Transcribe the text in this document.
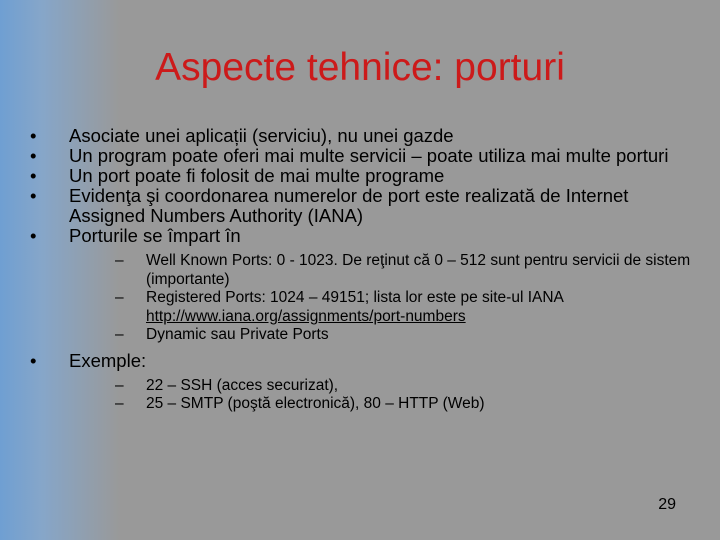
Aspecte tehnice: porturi
• Asociate unei aplicații (serviciu), nu unei gazde
• Un program poate oferi mai multe servicii – poate utiliza mai multe porturi
• Un port poate fi folosit de mai multe programe
• Evidenţa şi coordonarea numerelor de port este realizată de Internet Assigned Numbers Authority (IANA)
• Porturile se împart în
– Well Known Ports: 0 - 1023. De reţinut că 0 – 512 sunt pentru servicii de sistem (importante)
– Registered Ports: 1024 – 49151; lista lor este pe site-ul IANA http://www.iana.org/assignments/port-numbers
– Dynamic sau Private Ports
• Exemple:
– 22 – SSH (acces securizat),
– 25 – SMTP (poştă electronică), 80 – HTTP (Web)
29
